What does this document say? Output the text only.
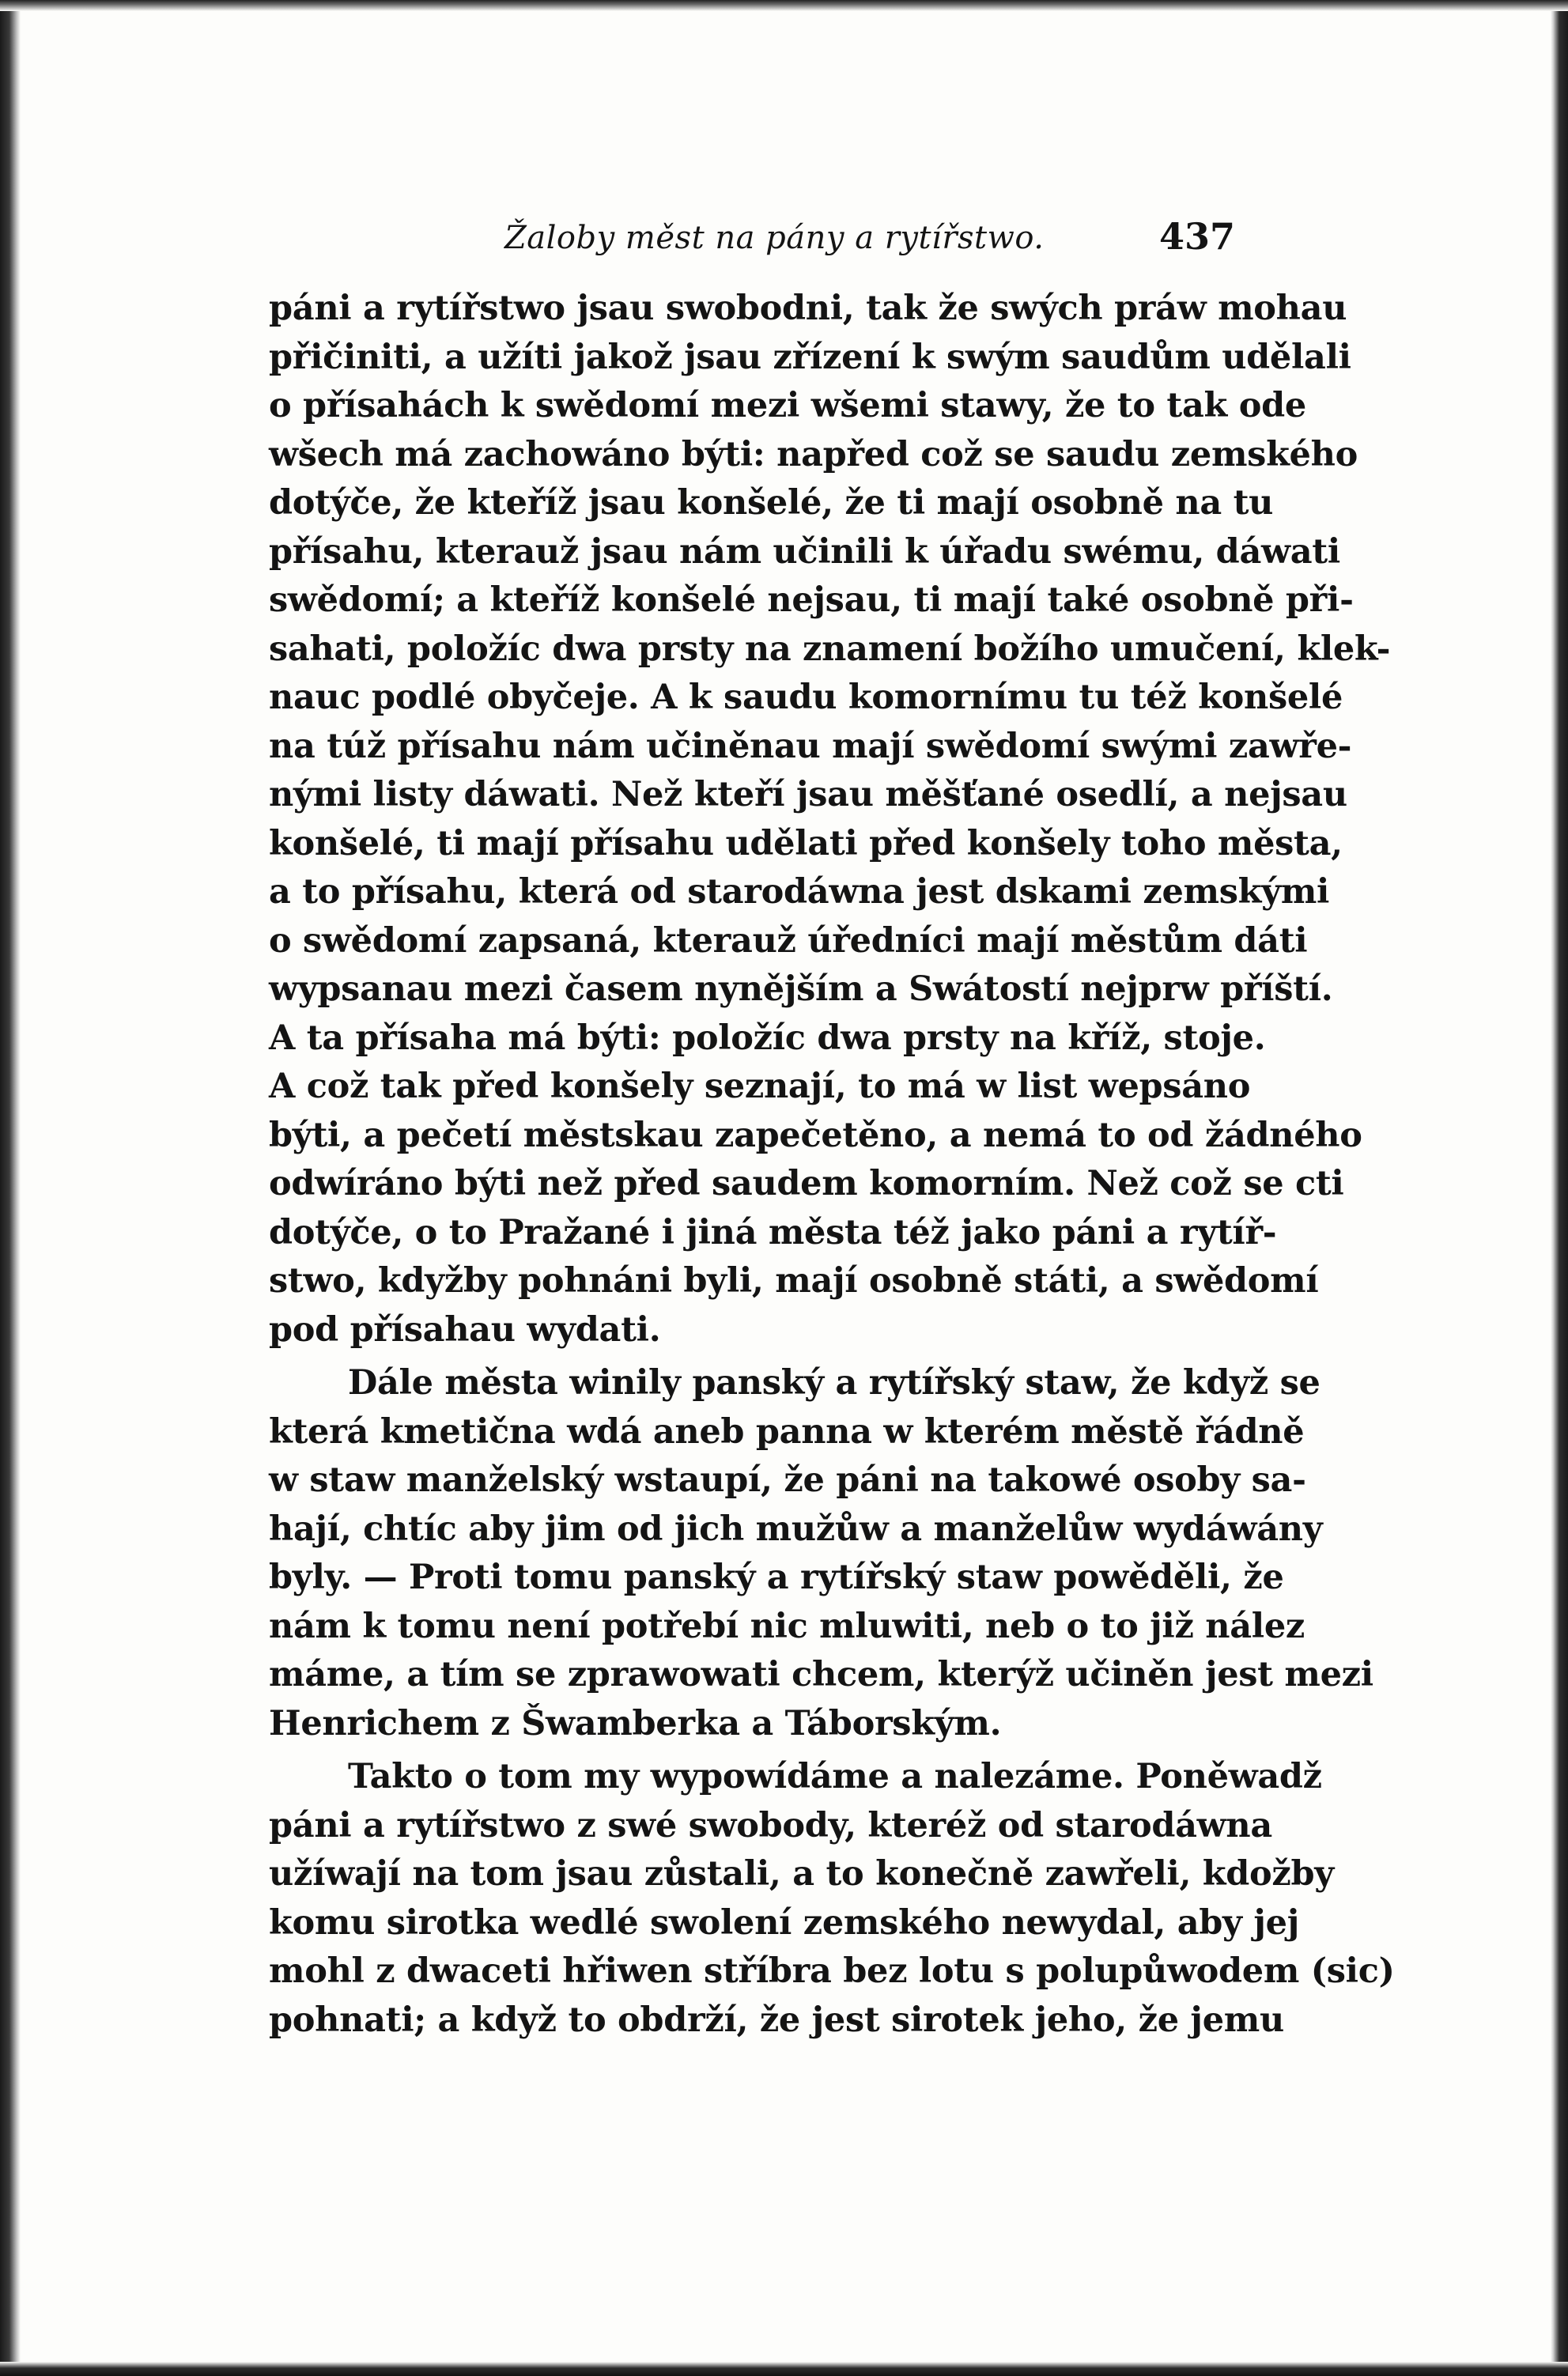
Žaloby měst na pány a rytířstwo.	437
páni a rytířstwo jsau swobodni, tak že swých práw mohau
přičiniti, a užíti jakož jsau zřízení k swým saudům udělali
o přísahách k swědomí mezi wšemi stawy, že to tak ode
wšech má zachowáno býti: napřed což se saudu zemského
dotýče, že kteříž jsau konšelé, že ti mají osobně na tu
přísahu, kterauž jsau nám učinili k úřadu swému, dáwati
swědomí; a kteříž konšelé nejsau, ti mají také osobně při-
sahati, položíc dwa prsty na znamení božího umučení, klek-
nauc podlé obyčeje. A k saudu komornímu tu též konšelé
na túž přísahu nám učiněnau mají swědomí swými zawře-
nými listy dáwati. Než kteří jsau měšťané osedlí, a nejsau
konšelé, ti mají přísahu udělati před konšely toho města,
a to přísahu, která od starodáwna jest dskami zemskými
o swědomí zapsaná, kterauž úředníci mají městům dáti
wypsanau mezi časem nynějším a Swátostí nejprw příští.
A ta přísaha má býti: položíc dwa prsty na kříž, stoje.
A což tak před konšely seznají, to má w list wepsáno
býti, a pečetí městskau zapečetěno, a nemá to od žádného
odwíráno býti než před saudem komorním. Než což se cti
dotýče, o to Pražané i jiná města též jako páni a rytíř-
stwo, kdyžby pohnáni byli, mají osobně státi, a swědomí
pod přísahau wydati.
Dále města winily panský a rytířský staw, že když se
která kmetična wdá aneb panna w kterém městě řádně
w staw manželský wstaupí, že páni na takowé osoby sa-
hají, chtíc aby jim od jich mužůw a manželůw wydáwány
byly. — Proti tomu panský a rytířský staw powěděli, že
nám k tomu není potřebí nic mluwiti, neb o to již nález
máme, a tím se zprawowati chcem, kterýž učiněn jest mezi
Henrichem z Šwamberka a Táborským.
Takto o tom my wypowídáme a nalezáme. Poněwadž
páni a rytířstwo z swé swobody, kteréž od starodáwna
užíwají na tom jsau zůstali, a to konečně zawřeli, kdožby
komu sirotka wedlé swolení zemského newydal, aby jej
mohl z dwaceti hřiwen stříbra bez lotu s polupůwodem (sic)
pohnati; a když to obdrží, že jest sirotek jeho, že jemu
